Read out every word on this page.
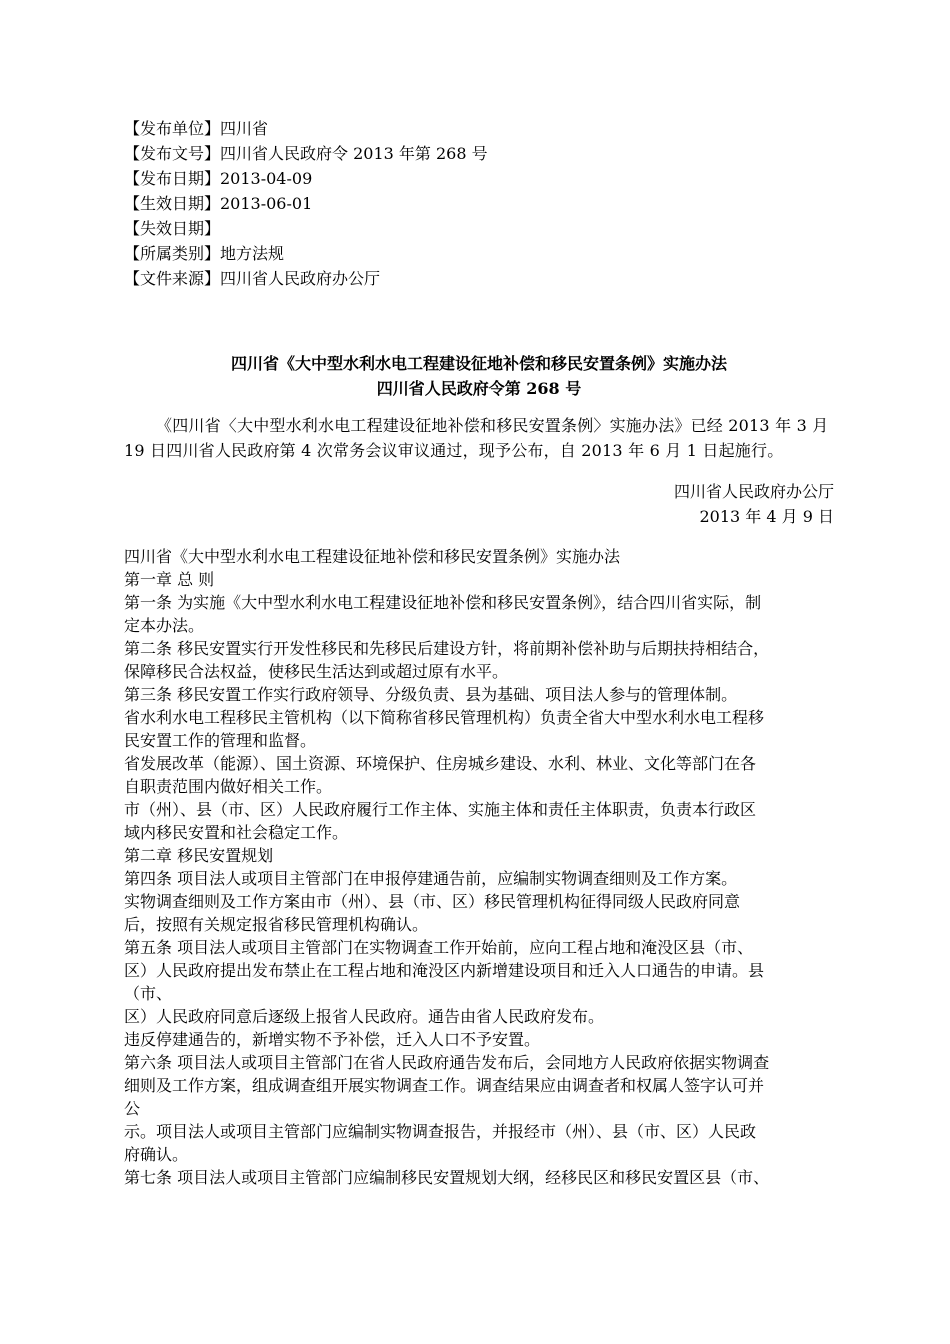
【发布单位】四川省
【发布文号】四川省人民政府令 2013 年第 268 号
【发布日期】2013-04-09
【生效日期】2013-06-01
【失效日期】
【所属类别】地方法规
【文件来源】四川省人民政府办公厅
四川省《大中型水利水电工程建设征地补偿和移民安置条例》实施办法
四川省人民政府令第 268 号
《四川省〈大中型水利水电工程建设征地补偿和移民安置条例〉实施办法》已经 2013 年 3 月 19 日四川省人民政府第 4 次常务会议审议通过，现予公布，自 2013 年 6 月 1 日起施行。
四川省人民政府办公厅
2013 年 4 月 9 日

四川省《大中型水利水电工程建设征地补偿和移民安置条例》实施办法

第一章 总 则

第一条 为实施《大中型水利水电工程建设征地补偿和移民安置条例》，结合四川省实际，制

定本办法。

第二条 移民安置实行开发性移民和先移民后建设方针，将前期补偿补助与后期扶持相结合，

保障移民合法权益，使移民生活达到或超过原有水平。

第三条 移民安置工作实行政府领导、分级负责、县为基础、项目法人参与的管理体制。

省水利水电工程移民主管机构（以下简称省移民管理机构）负责全省大中型水利水电工程移

民安置工作的管理和监督。

省发展改革（能源）、国土资源、环境保护、住房城乡建设、水利、林业、文化等部门在各

自职责范围内做好相关工作。

市（州）、县（市、区）人民政府履行工作主体、实施主体和责任主体职责，负责本行政区

域内移民安置和社会稳定工作。

第二章 移民安置规划

第四条 项目法人或项目主管部门在申报停建通告前，应编制实物调查细则及工作方案。

实物调查细则及工作方案由市（州）、县（市、区）移民管理机构征得同级人民政府同意

后，按照有关规定报省移民管理机构确认。

第五条 项目法人或项目主管部门在实物调查工作开始前，应向工程占地和淹没区县（市、

区）人民政府提出发布禁止在工程占地和淹没区内新增建设项目和迁入人口通告的申请。县

（市、

区）人民政府同意后逐级上报省人民政府。通告由省人民政府发布。

违反停建通告的，新增实物不予补偿，迁入人口不予安置。

第六条 项目法人或项目主管部门在省人民政府通告发布后，会同地方人民政府依据实物调查

细则及工作方案，组成调查组开展实物调查工作。调查结果应由调查者和权属人签字认可并

公

示。项目法人或项目主管部门应编制实物调查报告，并报经市（州）、县（市、区）人民政

府确认。

第七条 项目法人或项目主管部门应编制移民安置规划大纲，经移民区和移民安置区县（市、
